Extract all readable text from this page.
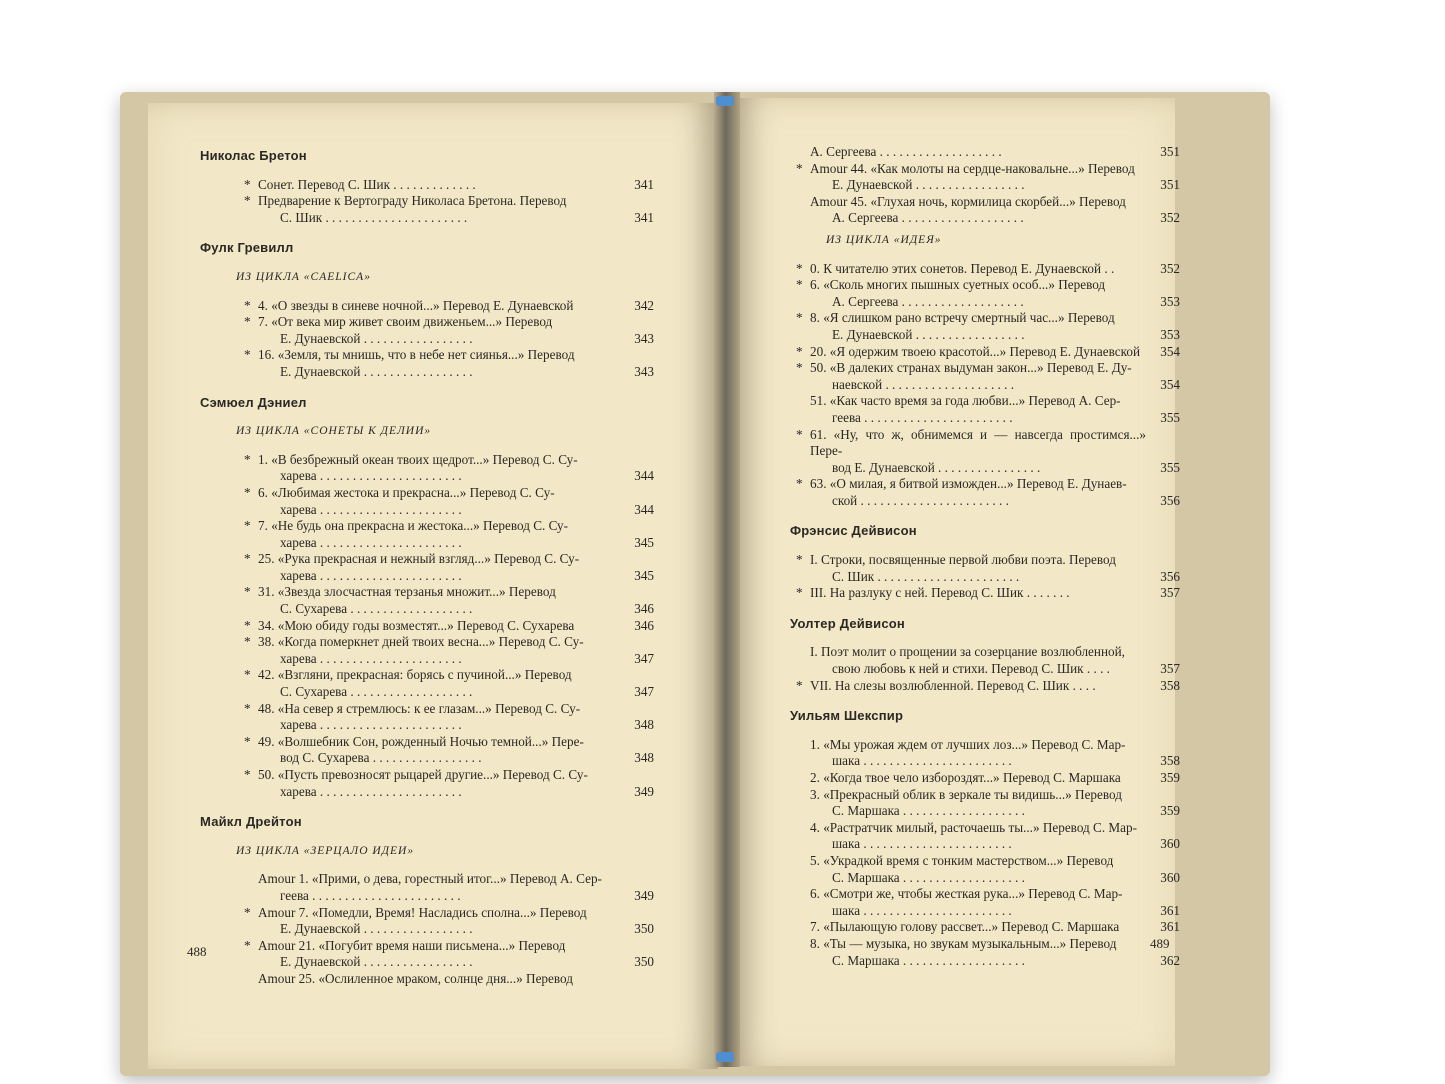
Николас Бретон
* Сонет. Перевод С. Шик . . . . . . . . . . . . .	341
* Предварение к Вертограду Николаса Бретона. Перевод
С. Шик . . . . . . . . . . . . . . . . . . . . . .	341
Фулк Гревилл
ИЗ ЦИКЛА «CAELICA»
* 4. «О звезды в синеве ночной...» Перевод Е. Дунаевской	342
* 7. «От века мир живет своим движеньем...» Перевод
Е. Дунаевской . . . . . . . . . . . . . . . . .	343
* 16. «Земля, ты мнишь, что в небе нет сиянья...» Перевод
Е. Дунаевской . . . . . . . . . . . . . . . . .	343
Сэмюел Дэниел
ИЗ ЦИКЛА «СОНЕТЫ К ДЕЛИИ»
* 1. «В безбрежный океан твоих щедрот...» Перевод С. Су-
харева . . . . . . . . . . . . . . . . . . . . . .	344
* 6. «Любимая жестока и прекрасна...» Перевод С. Су-
харева . . . . . . . . . . . . . . . . . . . . . .	344
* 7. «Не будь она прекрасна и жестока...» Перевод С. Су-
харева . . . . . . . . . . . . . . . . . . . . . .	345
* 25. «Рука прекрасная и нежный взгляд...» Перевод С. Су-
харева . . . . . . . . . . . . . . . . . . . . . .	345
* 31. «Звезда злосчастная терзанья множит...» Перевод
С. Сухарева . . . . . . . . . . . . . . . . . . .	346
* 34. «Мою обиду годы возместят...» Перевод С. Сухарева	346
* 38. «Когда померкнет дней твоих весна...» Перевод С. Су-
харева . . . . . . . . . . . . . . . . . . . . . .	347
* 42. «Взгляни, прекрасная: борясь с пучиной...» Перевод
С. Сухарева . . . . . . . . . . . . . . . . . . .	347
* 48. «На север я стремлюсь: к ее глазам...» Перевод С. Су-
харева . . . . . . . . . . . . . . . . . . . . . .	348
* 49. «Волшебник Сон, рожденный Ночью темной...» Пере-
вод С. Сухарева . . . . . . . . . . . . . . . . .	348
* 50. «Пусть превозносят рыцарей другие...» Перевод С. Су-
харева . . . . . . . . . . . . . . . . . . . . . .	349
Майкл Дрейтон
ИЗ ЦИКЛА «ЗЕРЦАЛО ИДЕИ»
Amour 1. «Прими, о дева, горестный итог...» Перевод А. Сер-
геева . . . . . . . . . . . . . . . . . . . . . . .	349
* Amour 7. «Помедли, Время! Насладись сполна...» Перевод
Е. Дунаевской . . . . . . . . . . . . . . . . .	350
* Amour 21. «Погубит время наши письмена...» Перевод
Е. Дунаевской . . . . . . . . . . . . . . . . .	350
Amour 25. «Ослиленное мраком, солнце дня...» Перевод
А. Сергеева . . . . . . . . . . . . . . . . . . .	351
* Amour 44. «Как молоты на сердце-наковальне...» Перевод
Е. Дунаевской . . . . . . . . . . . . . . . . .	351
Amour 45. «Глухая ночь, кормилица скорбей...» Перевод
А. Сергеева . . . . . . . . . . . . . . . . . . .	352
ИЗ ЦИКЛА «ИДЕЯ»
* 0. К читателю этих сонетов. Перевод Е. Дунаевской . .	352
* 6. «Сколь многих пышных суетных особ...» Перевод
А. Сергеева . . . . . . . . . . . . . . . . . . .	353
* 8. «Я слишком рано встречу смертный час...» Перевод
Е. Дунаевской . . . . . . . . . . . . . . . . .	353
* 20. «Я одержим твоею красотой...» Перевод Е. Дунаевской	354
* 50. «В далеких странах выдуман закон...» Перевод Е. Ду-
наевской . . . . . . . . . . . . . . . . . . . .	354
51. «Как часто время за года любви...» Перевод А. Сер-
геева . . . . . . . . . . . . . . . . . . . . . . .	355
* 61. «Ну, что ж, обнимемся и — навсегда простимся...» Пере-
вод Е. Дунаевской . . . . . . . . . . . . . . . .	355
* 63. «О милая, я битвой изможден...» Перевод Е. Дунаев-
ской . . . . . . . . . . . . . . . . . . . . . . .	356
Фрэнсис Дейвисон
* I. Строки, посвященные первой любви поэта. Перевод
С. Шик . . . . . . . . . . . . . . . . . . . . . .	356
* III. На разлуку с ней. Перевод С. Шик . . . . . . .	357
Уолтер Дейвисон
I. Поэт молит о прощении за созерцание возлюбленной,
свою любовь к ней и стихи. Перевод С. Шик . . . .	357
* VII. На слезы возлюбленной. Перевод С. Шик . . . .	358
Уильям Шекспир
1. «Мы урожая ждем от лучших лоз...» Перевод С. Мар-
шака . . . . . . . . . . . . . . . . . . . . . . .	358
2. «Когда твое чело избороздят...» Перевод С. Маршака	359
3. «Прекрасный облик в зеркале ты видишь...» Перевод
С. Маршака . . . . . . . . . . . . . . . . . . .	359
4. «Растратчик милый, расточаешь ты...» Перевод С. Мар-
шака . . . . . . . . . . . . . . . . . . . . . . .	360
5. «Украдкой время с тонким мастерством...» Перевод
С. Маршака . . . . . . . . . . . . . . . . . . .	360
6. «Смотри же, чтобы жесткая рука...» Перевод С. Мар-
шака . . . . . . . . . . . . . . . . . . . . . . .	361
7. «Пылающую голову рассвет...» Перевод С. Маршака	361
8. «Ты — музыка, но звукам музыкальным...» Перевод
С. Маршака . . . . . . . . . . . . . . . . . . .	362
488
489
